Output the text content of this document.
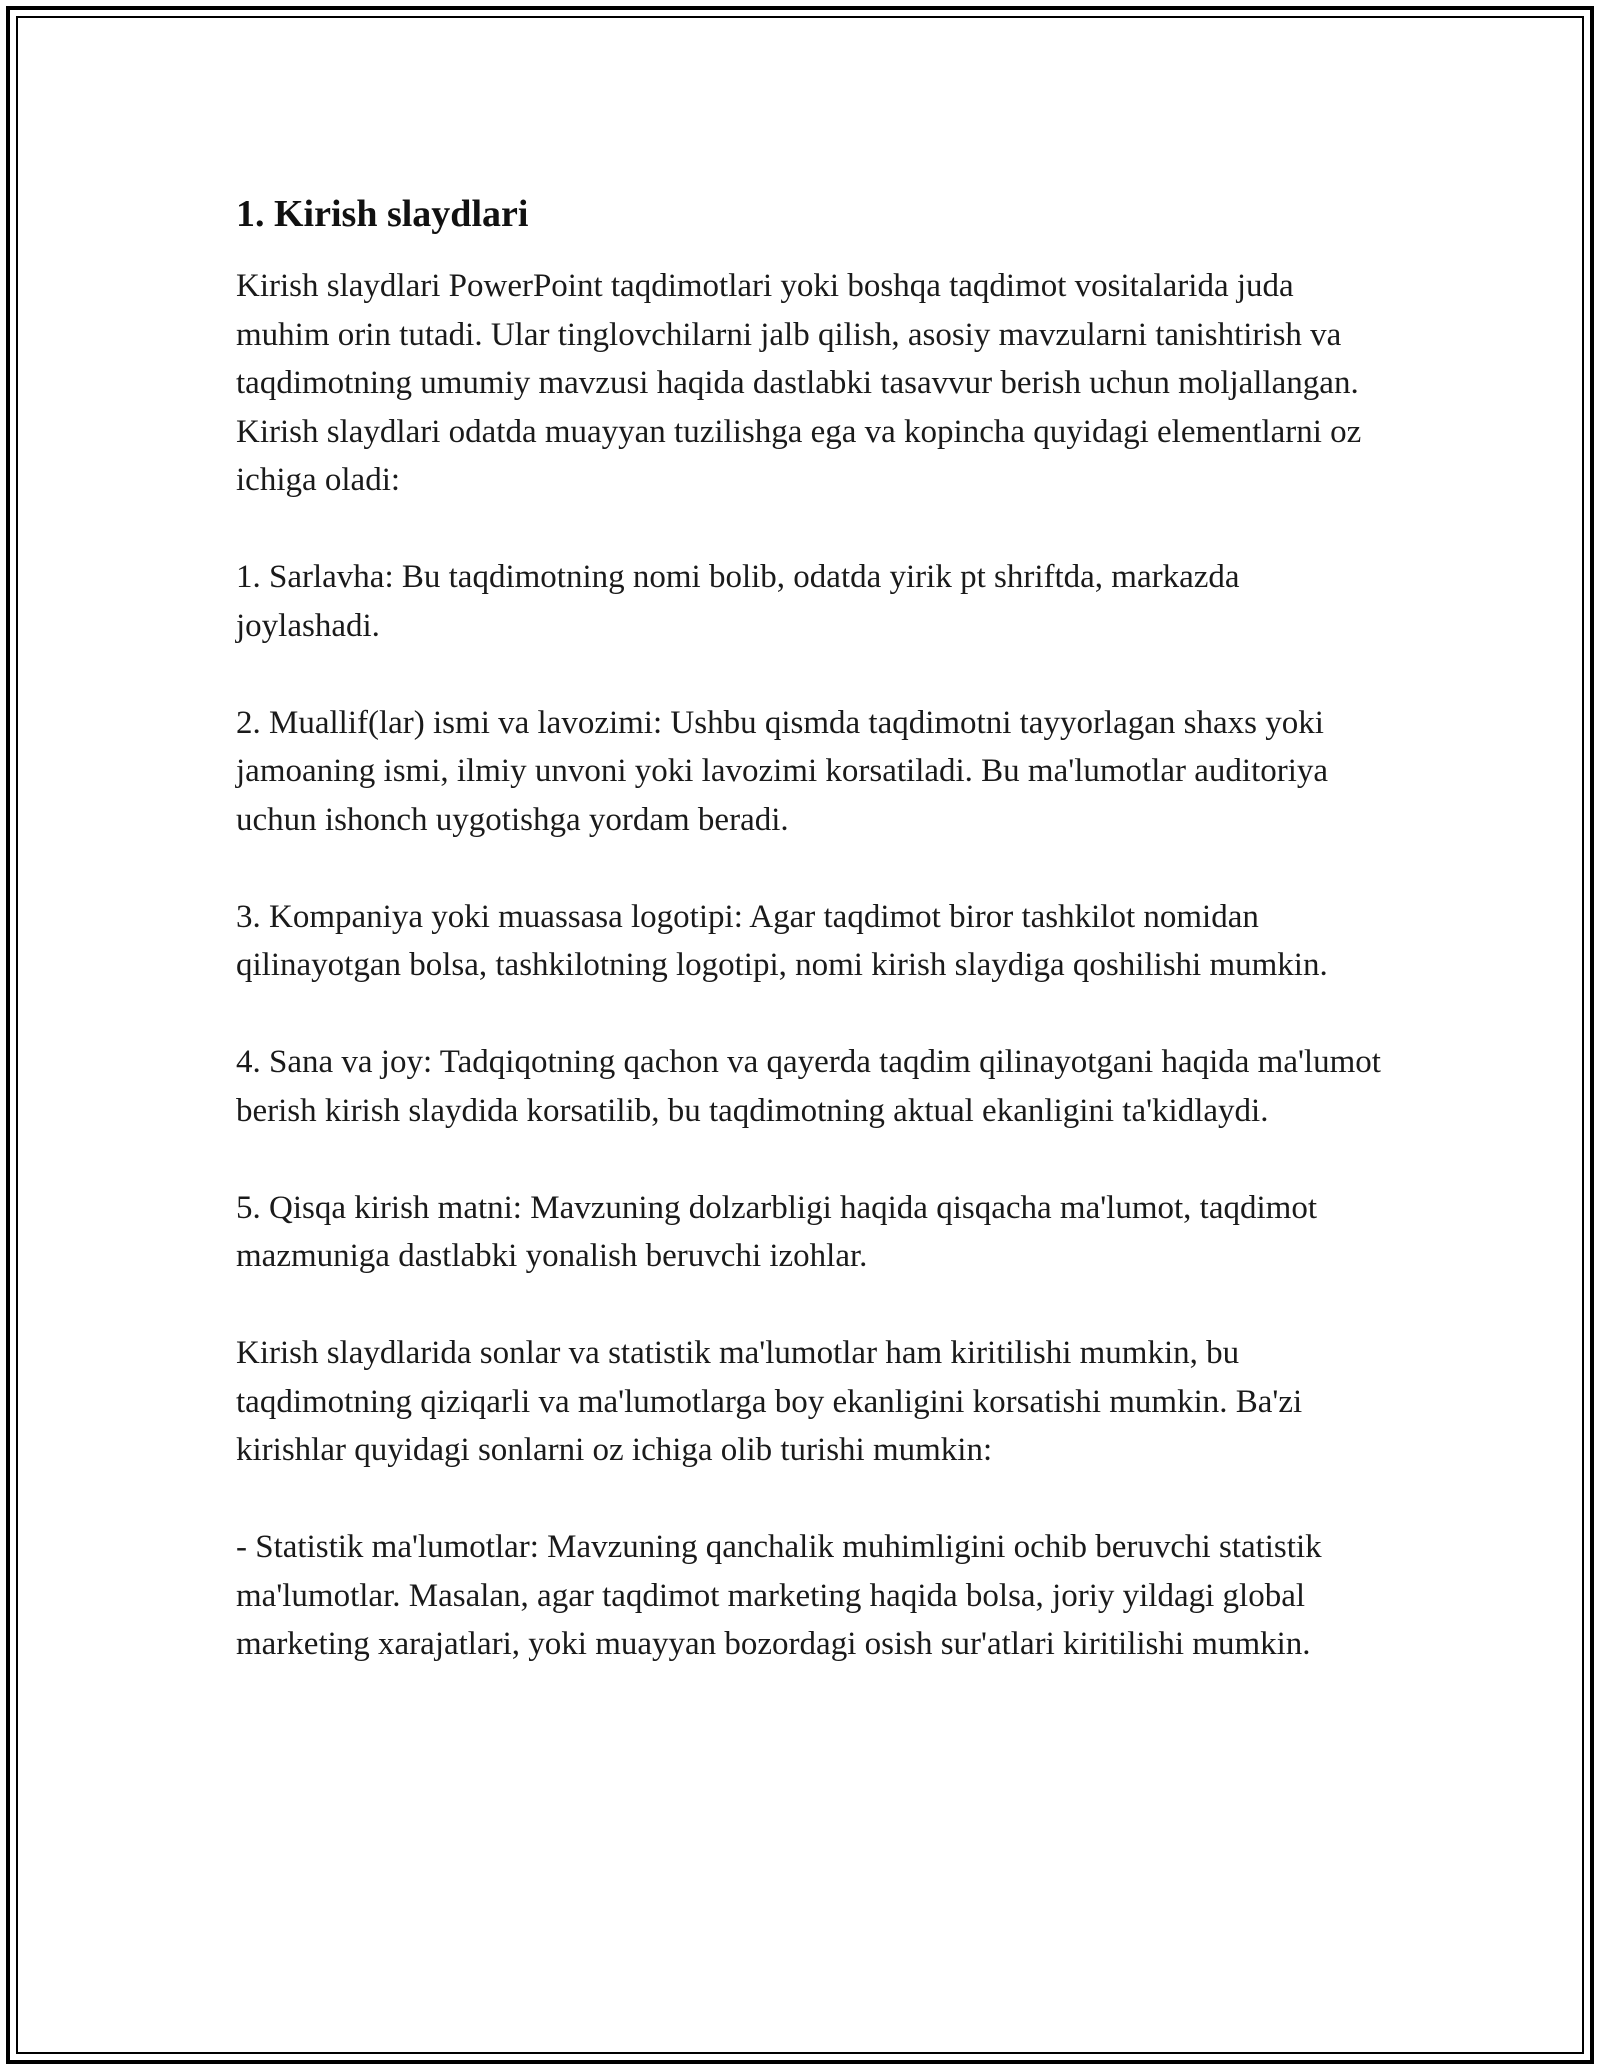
1. Kirish slaydlari

Kirish slaydlari PowerPoint taqdimotlari yoki boshqa taqdimot vositalarida juda muhim orin tutadi. Ular tinglovchilarni jalb qilish, asosiy mavzularni tanishtirish va taqdimotning umumiy mavzusi haqida dastlabki tasavvur berish uchun moljallangan. Kirish slaydlari odatda muayyan tuzilishga ega va kopincha quyidagi elementlarni oz ichiga oladi:

1. Sarlavha: Bu taqdimotning nomi bolib, odatda yirik pt shriftda, markazda joylashadi.

2. Muallif(lar) ismi va lavozimi: Ushbu qismda taqdimotni tayyorlagan shaxs yoki jamoaning ismi, ilmiy unvoni yoki lavozimi korsatiladi. Bu ma'lumotlar auditoriya uchun ishonch uygotishga yordam beradi.

3. Kompaniya yoki muassasa logotipi: Agar taqdimot biror tashkilot nomidan qilinayotgan bolsa, tashkilotning logotipi, nomi kirish slaydiga qoshilishi mumkin.

4. Sana va joy: Tadqiqotning qachon va qayerda taqdim qilinayotgani haqida ma'lumot berish kirish slaydida korsatilib, bu taqdimotning aktual ekanligini ta'kidlaydi.

5. Qisqa kirish matni: Mavzuning dolzarbligi haqida qisqacha ma'lumot, taqdimot mazmuniga dastlabki yonalish beruvchi izohlar.

Kirish slaydlarida sonlar va statistik ma'lumotlar ham kiritilishi mumkin, bu taqdimotning qiziqarli va ma'lumotlarga boy ekanligini korsatishi mumkin. Ba'zi kirishlar quyidagi sonlarni oz ichiga olib turishi mumkin:

- Statistik ma'lumotlar: Mavzuning qanchalik muhimligini ochib beruvchi statistik ma'lumotlar. Masalan, agar taqdimot marketing haqida bolsa, joriy yildagi global marketing xarajatlari, yoki muayyan bozordagi osish sur'atlari kiritilishi mumkin.
